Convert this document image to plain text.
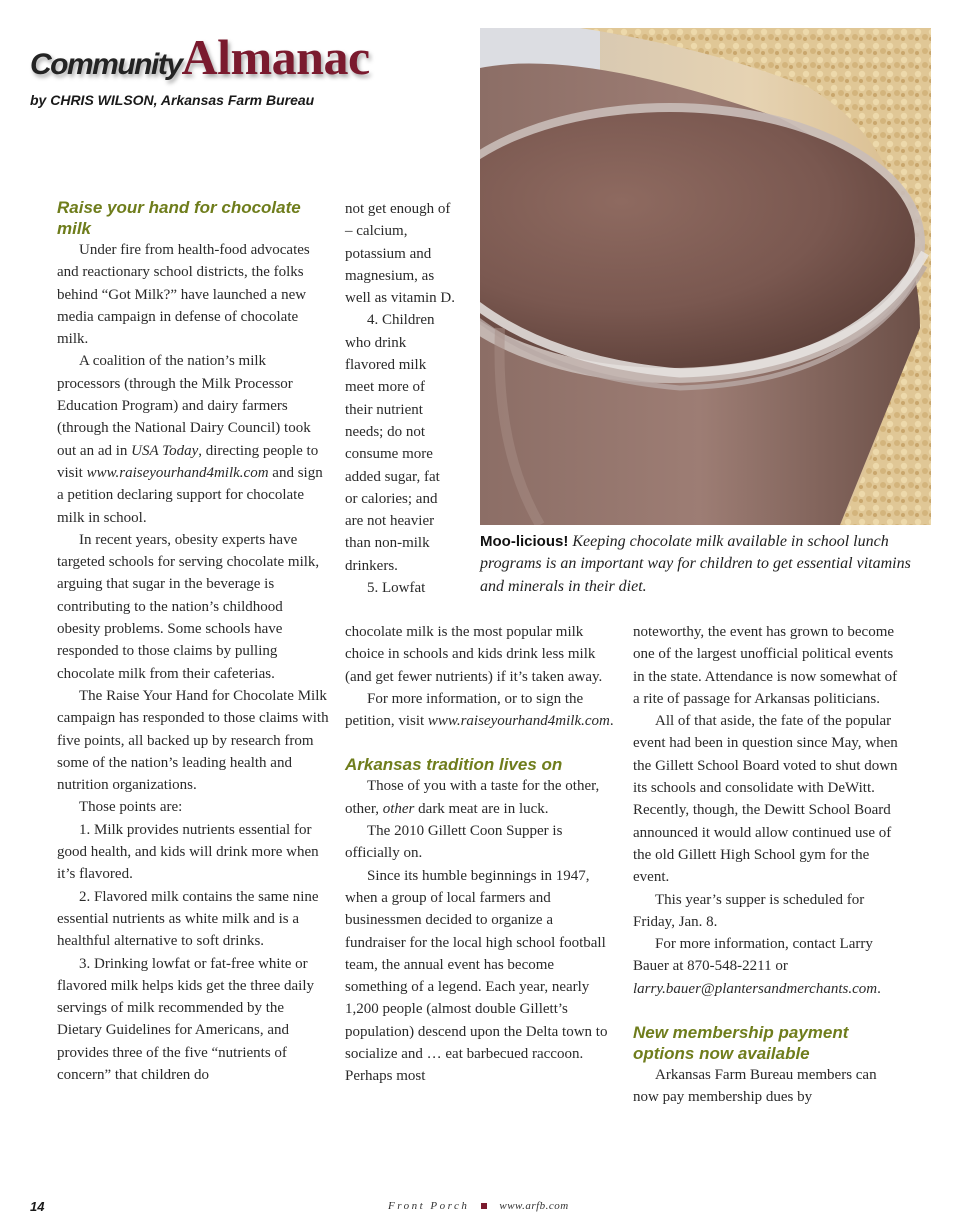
CommunityAlmanac
by CHRIS WILSON, Arkansas Farm Bureau
Moo-licious! Keeping chocolate milk available in school lunch programs is an important way for children to get essential vitamins and minerals in their diet.
Raise your hand for chocolate milk

Under fire from health-food advocates and reactionary school districts, the folks behind “Got Milk?” have launched a new media campaign in defense of chocolate milk.

A coalition of the nation’s milk processors (through the Milk Processor Education Program) and dairy farmers (through the National Dairy Council) took out an ad in USA Today, directing people to visit www.raiseyourhand4milk.com and sign a petition declaring support for chocolate milk in school.

In recent years, obesity experts have targeted schools for serving chocolate milk, arguing that sugar in the beverage is contributing to the nation’s childhood obesity problems. Some schools have responded to those claims by pulling chocolate milk from their cafeterias.

The Raise Your Hand for Chocolate Milk campaign has responded to those claims with five points, all backed up by research from some of the nation’s leading health and nutrition organizations.

Those points are:

1. Milk provides nutrients essential for good health, and kids will drink more when it’s flavored.

2. Flavored milk contains the same nine essential nutrients as white milk and is a healthful alternative to soft drinks.

3. Drinking lowfat or fat-free white or flavored milk helps kids get the three daily servings of milk recommended by the Dietary Guidelines for Americans, and provides three of the five “nutrients of concern” that children do

not get enough of – calcium, potassium and magnesium, as well as vitamin D.

4. Children who drink flavored milk meet more of their nutrient needs; do not consume more added sugar, fat or calories; and are not heavier than non-milk drinkers.

5. Lowfat

chocolate milk is the most popular milk choice in schools and kids drink less milk (and get fewer nutrients) if it’s taken away.

For more information, or to sign the petition, visit www.raiseyourhand4milk.com.

Arkansas tradition lives on

Those of you with a taste for the other, other, other dark meat are in luck.

The 2010 Gillett Coon Supper is officially on.

Since its humble beginnings in 1947, when a group of local farmers and businessmen decided to organize a fundraiser for the local high school football team, the annual event has become something of a legend. Each year, nearly 1,200 people (almost double Gillett’s population) descend upon the Delta town to socialize and … eat barbecued raccoon. Perhaps most

noteworthy, the event has grown to become one of the largest unofficial political events in the state. Attendance is now somewhat of a rite of passage for Arkansas politicians.

All of that aside, the fate of the popular event had been in question since May, when the Gillett School Board voted to shut down its schools and consolidate with DeWitt. Recently, though, the Dewitt School Board announced it would allow continued use of the old Gillett High School gym for the event.

This year’s supper is scheduled for Friday, Jan. 8.

For more information, contact Larry Bauer at 870-548-2211 or larry.bauer@plantersandmerchants.com.

New membership payment options now available

Arkansas Farm Bureau members can now pay membership dues by

14	Front Porch	www.arfb.com
